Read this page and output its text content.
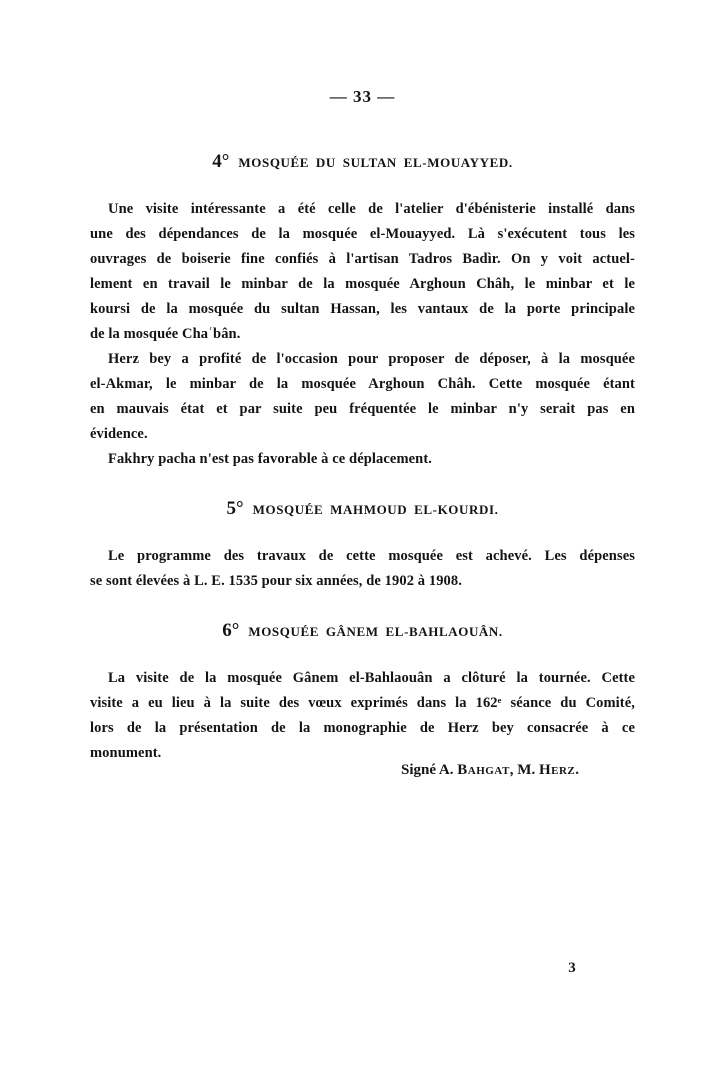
— 33 —
4° MOSQUÉE DU SULTAN EL-MOUAYYED.
Une visite intéressante a été celle de l'atelier d'ébénisterie installé dans
une des dépendances de la mosquée el-Mouayyed. Là s'exécutent tous les
ouvrages de boiserie fine confiés à l'artisan Tadros Badìr. On y voit actuel-
lement en travail le minbar de la mosquée Arghoun Châh, le minbar et le
koursi de la mosquée du sultan Hassan, les vantaux de la porte principale
de la mosquée Chaʿbân.
Herz bey a profité de l'occasion pour proposer de déposer, à la mosquée
el-Akmar, le minbar de la mosquée Arghoun Châh. Cette mosquée étant
en mauvais état et par suite peu fréquentée le minbar n'y serait pas en
évidence.
Fakhry pacha n'est pas favorable à ce déplacement.
5° MOSQUÉE MAHMOUD EL-KOURDI.
Le programme des travaux de cette mosquée est achevé. Les dépenses
se sont élevées à L. E. 1535 pour six années, de 1902 à 1908.
6° MOSQUÉE GÂNEM EL-BAHLAOUÂN.
La visite de la mosquée Gânem el-Bahlaouân a clôturé la tournée. Cette
visite a eu lieu à la suite des vœux exprimés dans la 162ᵉ séance du Comité,
lors de la présentation de la monographie de Herz bey consacrée à ce
monument.
Signé A. Bahgat, M. Herz.
3
